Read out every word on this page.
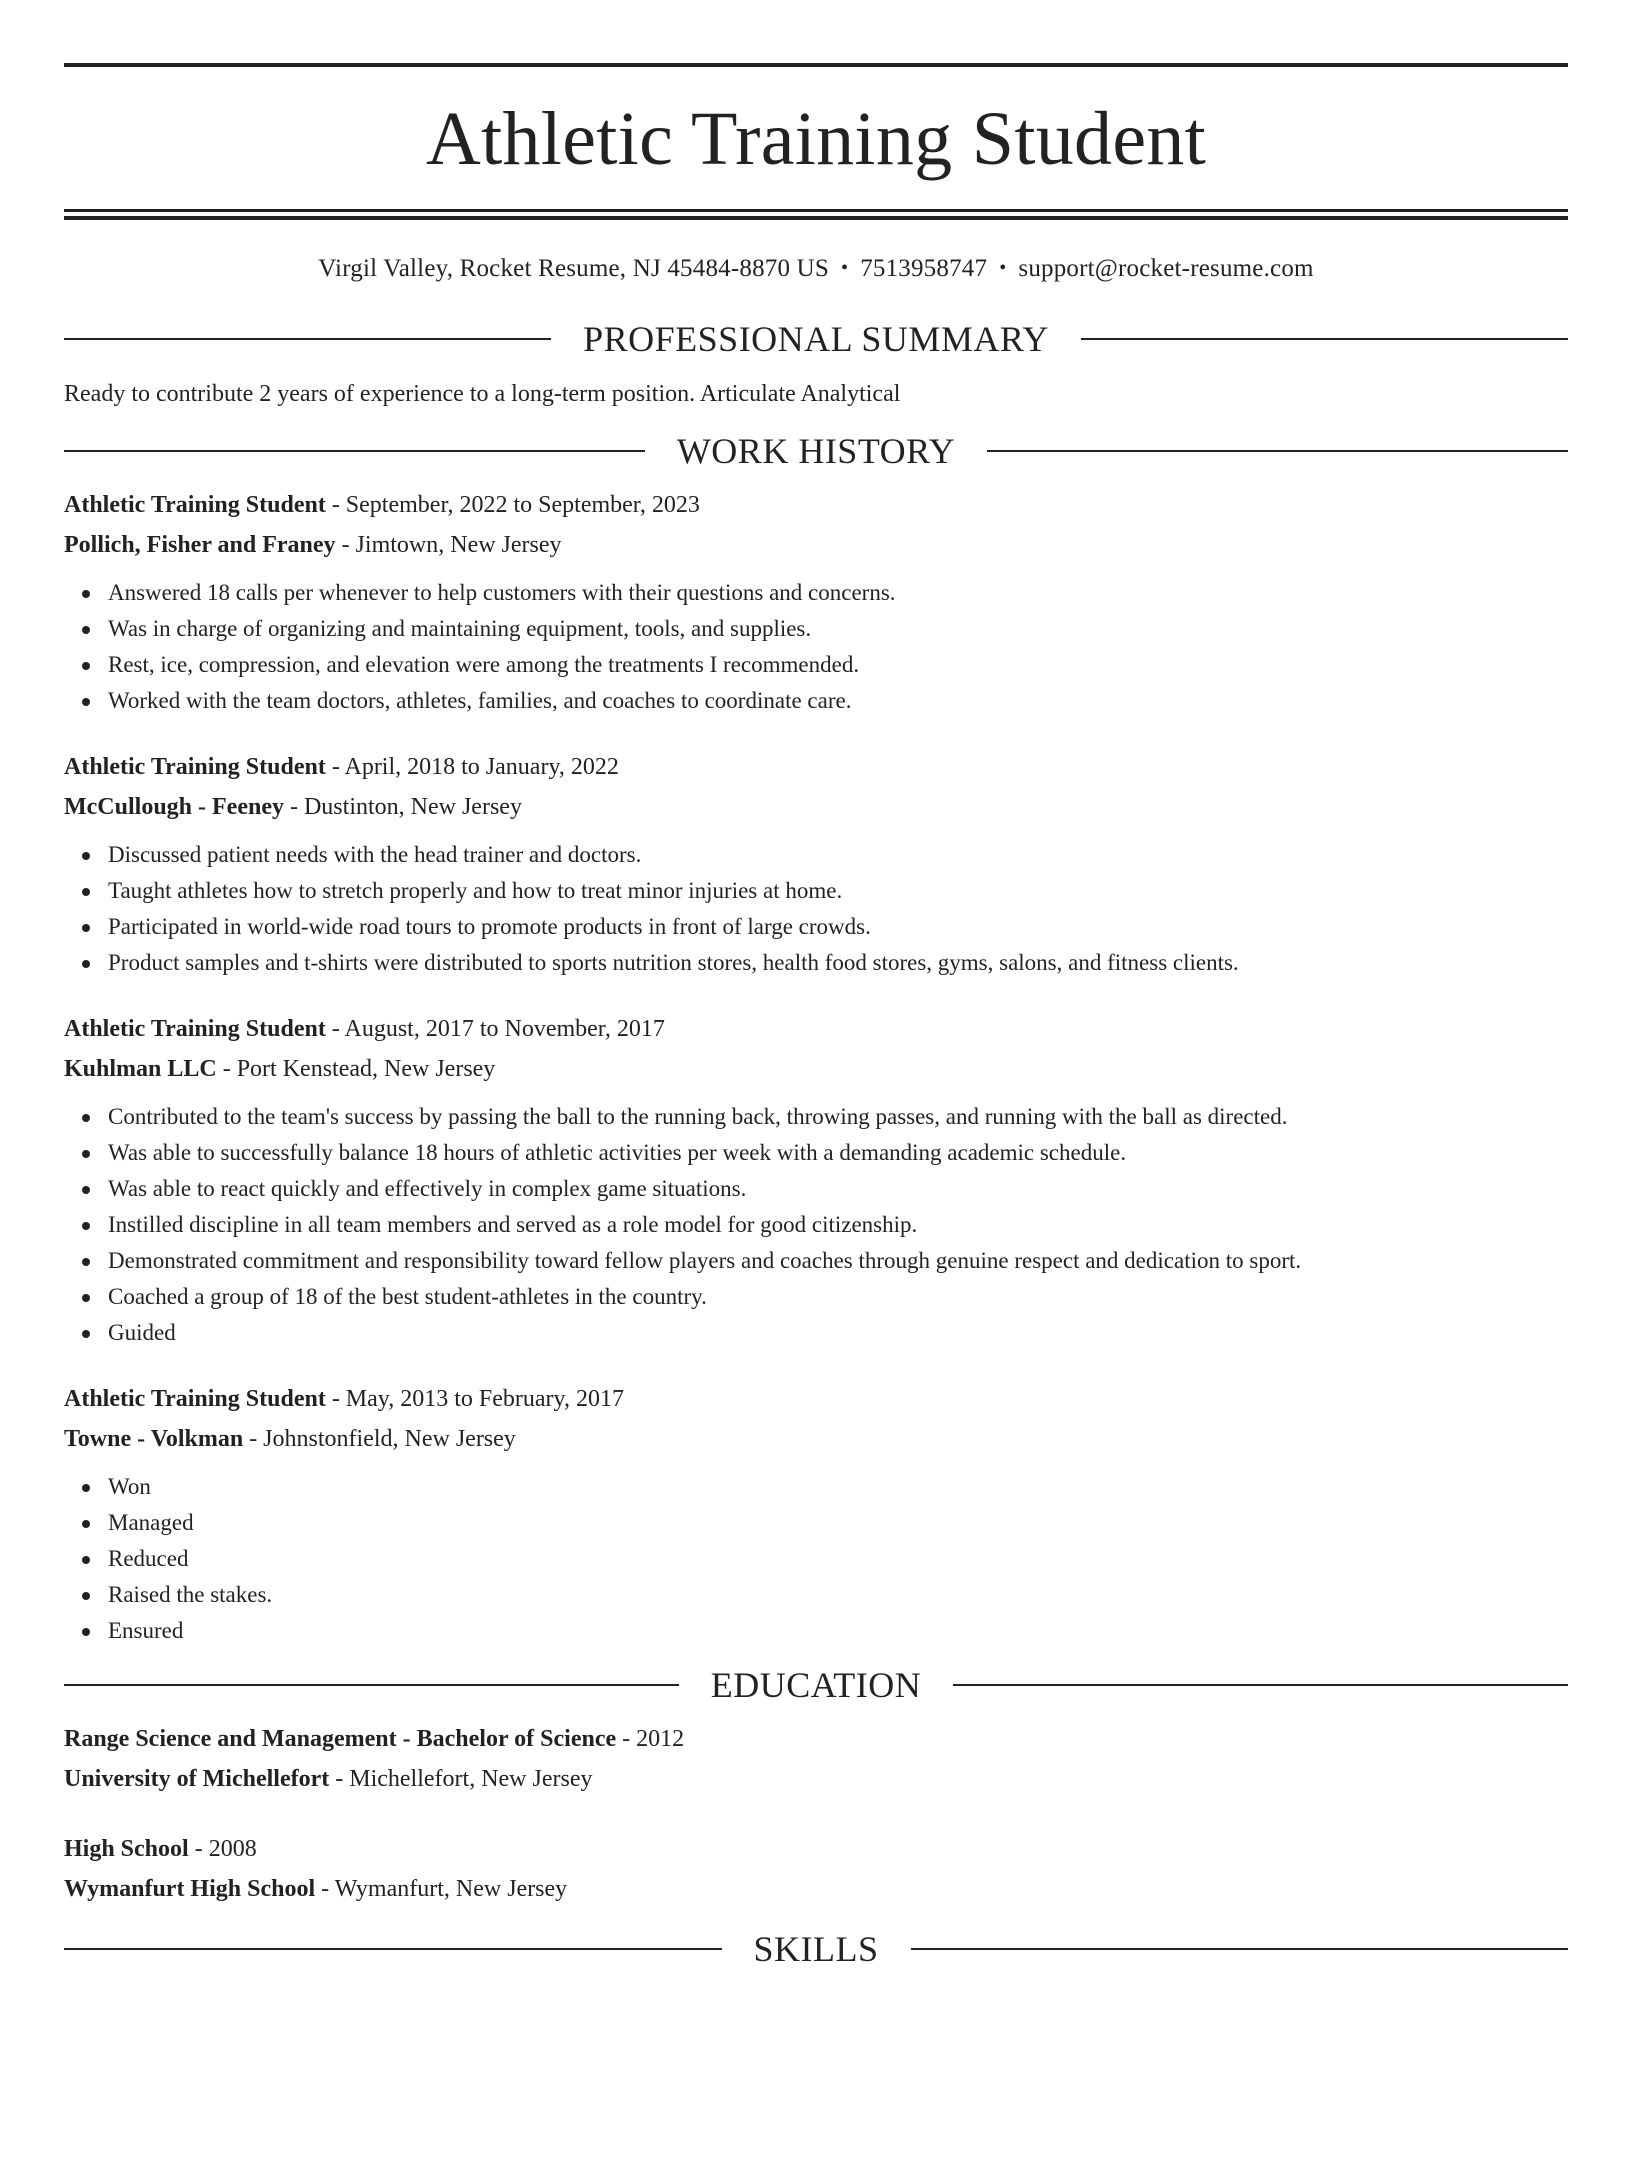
Athletic Training Student
Virgil Valley, Rocket Resume, NJ 45484-8870 US • 7513958747 • support@rocket-resume.com
PROFESSIONAL SUMMARY
Ready to contribute 2 years of experience to a long-term position. Articulate Analytical
WORK HISTORY
Athletic Training Student - September, 2022 to September, 2023
Pollich, Fisher and Franey - Jimtown, New Jersey
Answered 18 calls per whenever to help customers with their questions and concerns.
Was in charge of organizing and maintaining equipment, tools, and supplies.
Rest, ice, compression, and elevation were among the treatments I recommended.
Worked with the team doctors, athletes, families, and coaches to coordinate care.
Athletic Training Student - April, 2018 to January, 2022
McCullough - Feeney - Dustinton, New Jersey
Discussed patient needs with the head trainer and doctors.
Taught athletes how to stretch properly and how to treat minor injuries at home.
Participated in world-wide road tours to promote products in front of large crowds.
Product samples and t-shirts were distributed to sports nutrition stores, health food stores, gyms, salons, and fitness clients.
Athletic Training Student - August, 2017 to November, 2017
Kuhlman LLC - Port Kenstead, New Jersey
Contributed to the team's success by passing the ball to the running back, throwing passes, and running with the ball as directed.
Was able to successfully balance 18 hours of athletic activities per week with a demanding academic schedule.
Was able to react quickly and effectively in complex game situations.
Instilled discipline in all team members and served as a role model for good citizenship.
Demonstrated commitment and responsibility toward fellow players and coaches through genuine respect and dedication to sport.
Coached a group of 18 of the best student-athletes in the country.
Guided
Athletic Training Student - May, 2013 to February, 2017
Towne - Volkman - Johnstonfield, New Jersey
Won
Managed
Reduced
Raised the stakes.
Ensured
EDUCATION
Range Science and Management - Bachelor of Science - 2012
University of Michellefort - Michellefort, New Jersey
High School - 2008
Wymanfurt High School - Wymanfurt, New Jersey
SKILLS
